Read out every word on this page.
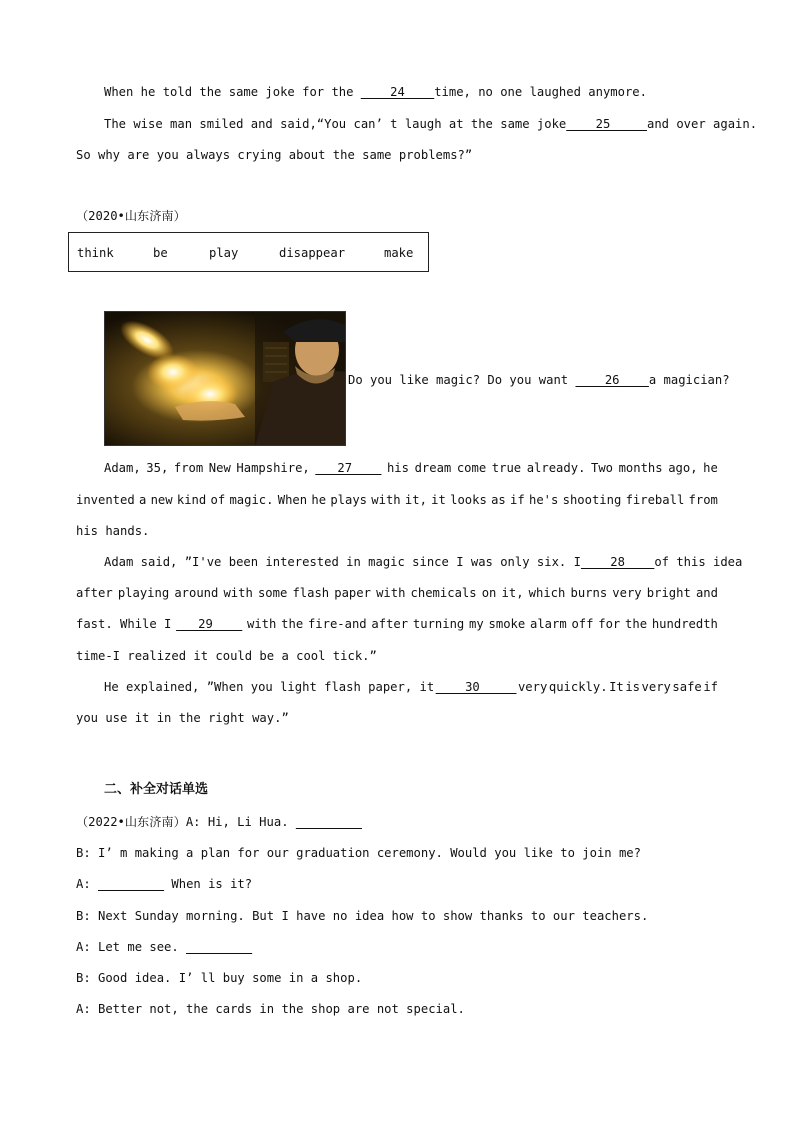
When he told the same joke for the ____24____time, no one laughed anymore.
The wise man smiled and said, “You can’ t laugh at the same joke ____25_____ and over again.
So why are you always crying about the same problems?”
（2020•山东济南）
think	be	play	disappear	make
Do you like magic? Do you want ____26____a magician?
Adam, 35, from New Hampshire, ___27____ his dream come true already. Two months ago, he
invented a new kind of magic. When he plays with it, it looks as if he's shooting fireball from
his hands.
Adam said, ”I've been interested in magic since I was only six. I ____28____of this idea
after playing around with some flash paper with chemicals on it, which burns very bright and
fast. While I ___29____ with the fire-and after turning my smoke alarm off for the hundredth
time-I realized it could be a cool tick.”
He explained, ”When you light flash paper, it ____30_____ very quickly. It is very safe if
you use it in the right way.”
二、补全对话单选
（2022•山东济南）A: Hi, Li Hua. _________
B: I’ m making a plan for our graduation ceremony. Would you like to join me?
A: _________ When is it?
B: Next Sunday morning. But I have no idea how to show thanks to our teachers.
A: Let me see. _________
B: Good idea. I’ ll buy some in a shop.
A: Better not, the cards in the shop are not special.
